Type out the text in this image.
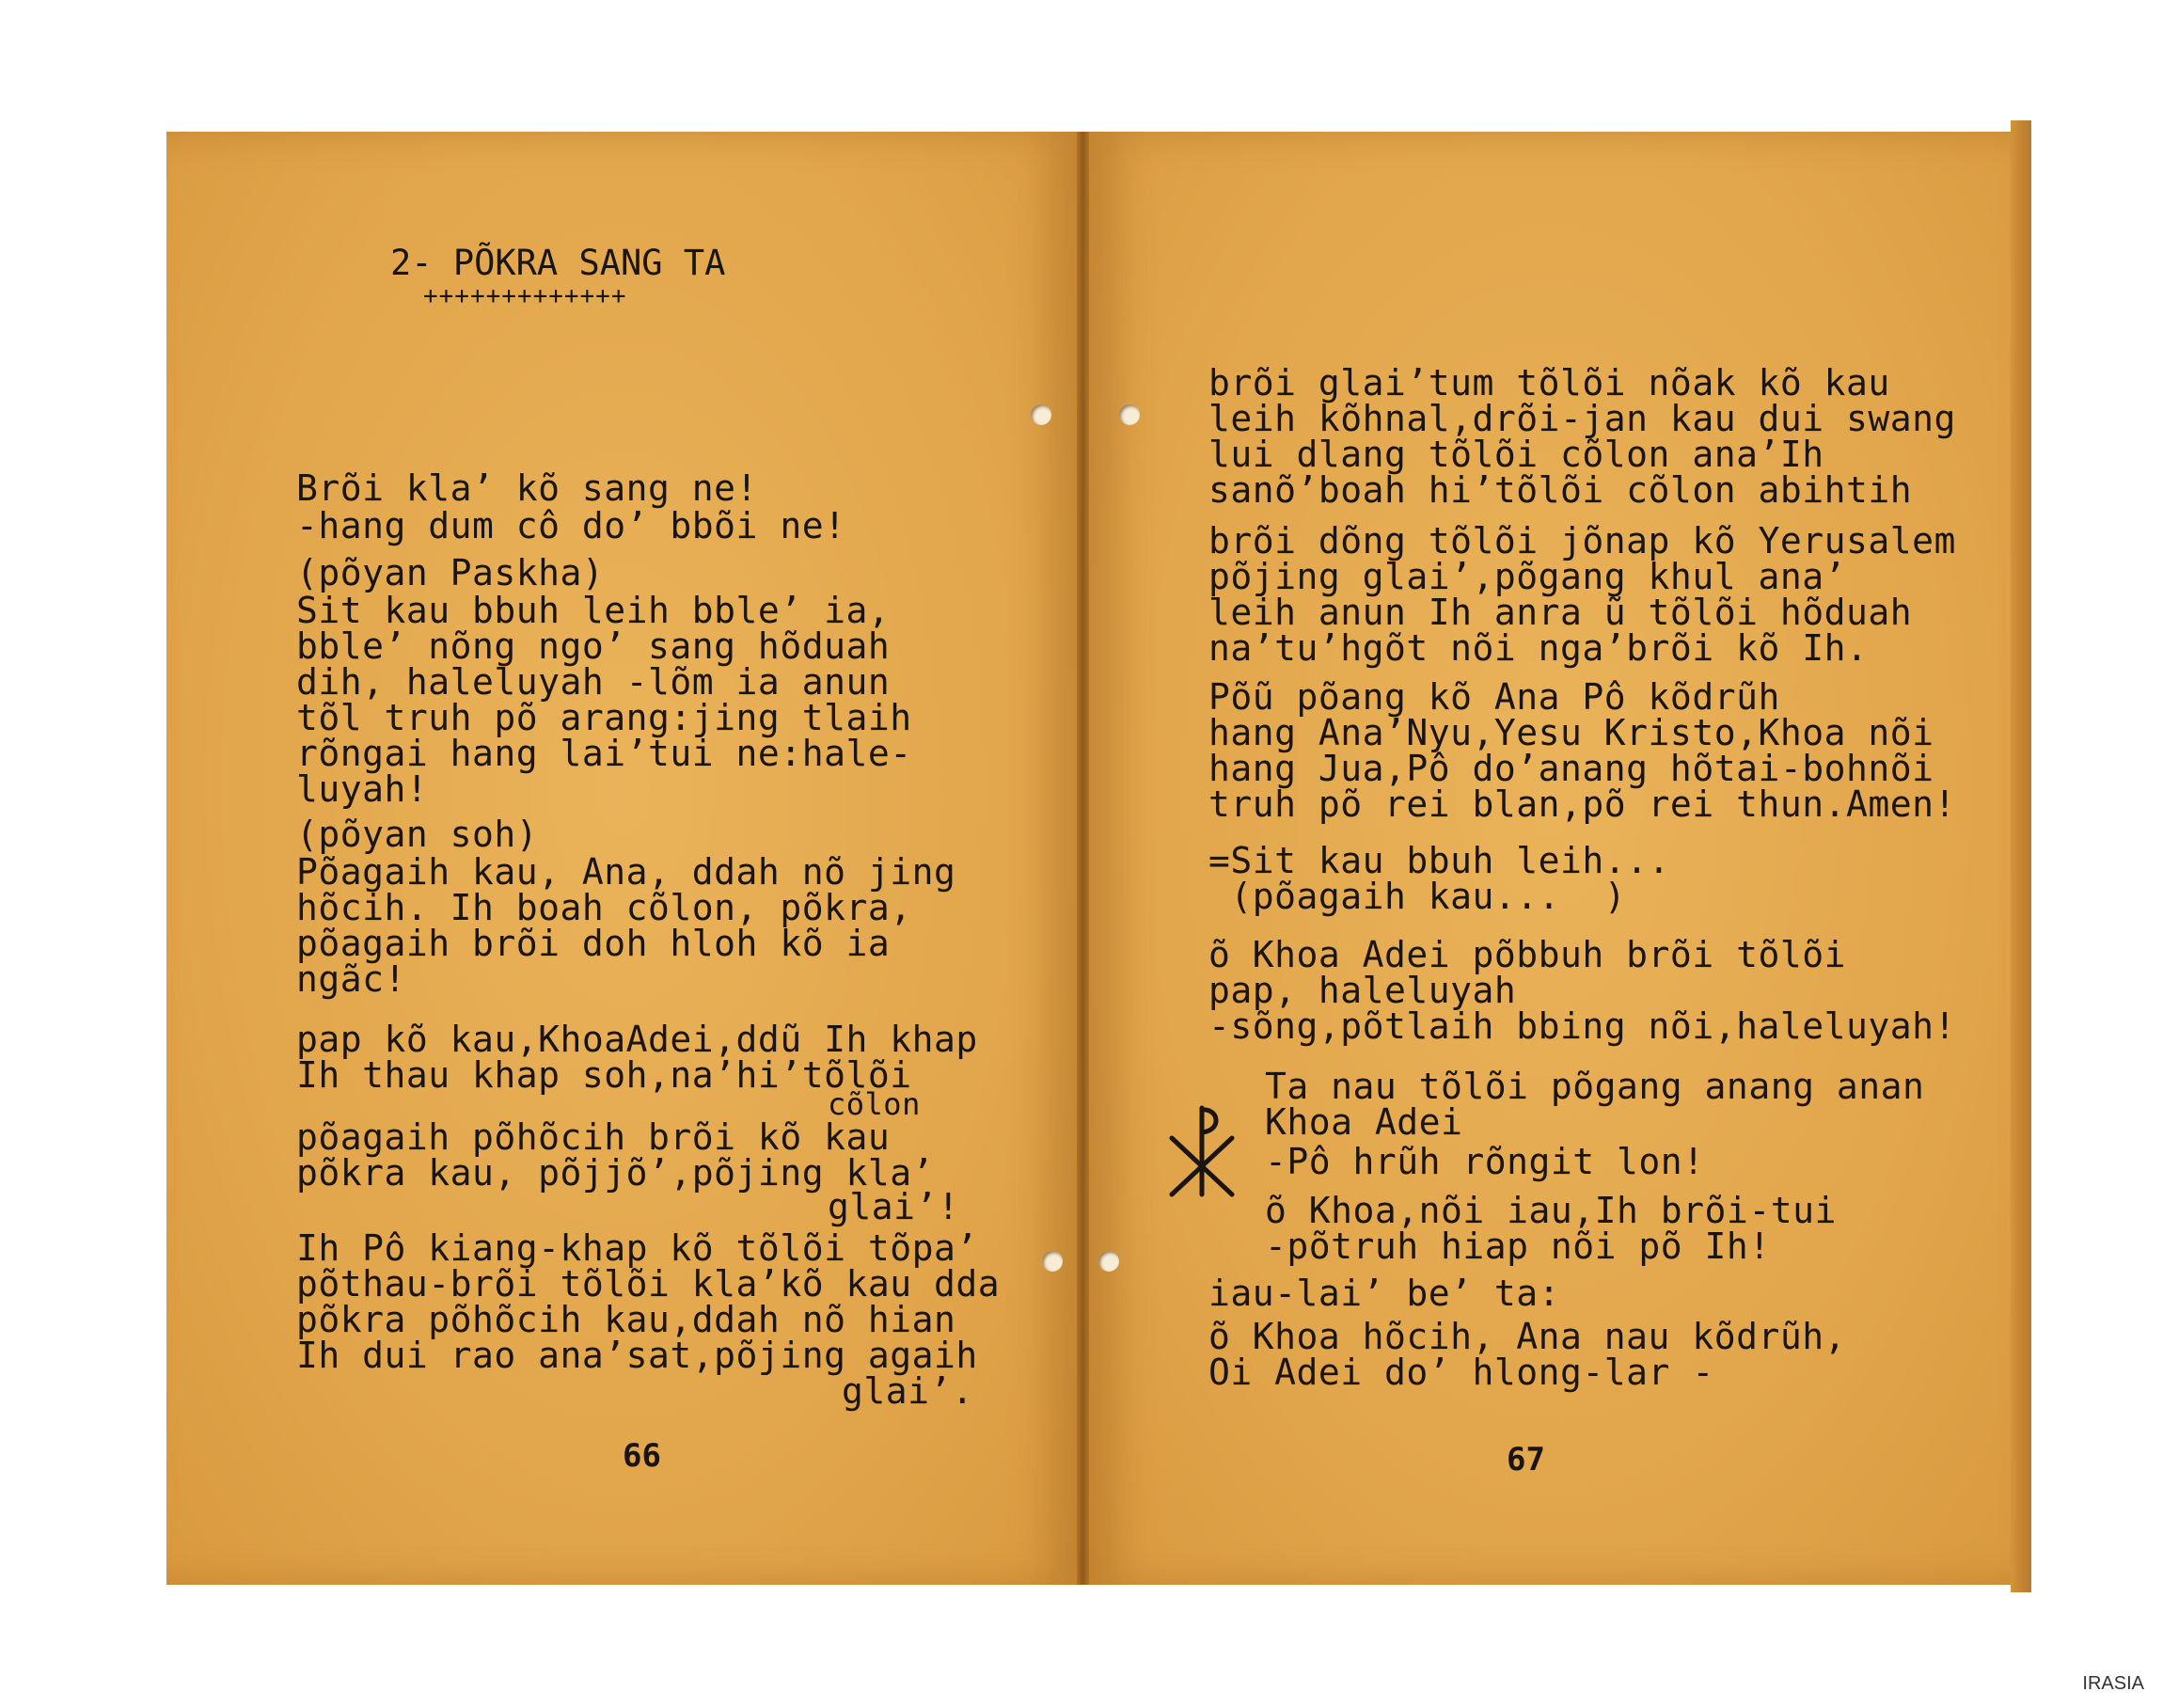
2- PÕKRA SANG TA
+++++++++++++
Brõi kla’ kõ sang ne!
-hang dum cô do’ bbõi ne!
(põyan Paskha)
Sit kau bbuh leih bble’ ia,
bble’ nõng ngo’ sang hõduah
dih, haleluyah -lõm ia anun
tõl truh põ arang:jing tlaih
rõngai hang lai’tui ne:hale-
luyah!
(põyan soh)
Põagaih kau, Ana, ddah nõ jing
hõcih. Ih boah cõlon, põkra,
põagaih brõi doh hloh kõ ia
ngãc!
pap kõ kau,KhoaAdei,ddũ Ih khap
Ih thau khap soh,na’hi’tõlõi
cõlon
põagaih põhõcih brõi kõ kau
põkra kau, põjjõ’,põjing kla’
glai’!
Ih Pô kiang-khap kõ tõlõi tõpa’
põthau-brõi tõlõi kla’kõ kau dda
põkra põhõcih kau,ddah nõ hian
Ih dui rao ana’sat,põjing agaih
glai’.
66
brõi glai’tum tõlõi nõak kõ kau
leih kõhnal,drõi-jan kau dui swang
lui dlang tõlõi cõlon ana’Ih
sanõ’boah hi’tõlõi cõlon abihtih
brõi dõng tõlõi jõnap kõ Yerusalem
põjing glai’,põgang khul ana’
leih anun Ih anra ũ tõlõi hõduah
na’tu’hgõt nõi nga’brõi kõ Ih.
Põũ põang kõ Ana Pô kõdrũh
hang Ana’Nyu,Yesu Kristo,Khoa nõi
hang Jua,Pô do’anang hõtai-bohnõi
truh põ rei blan,põ rei thun.Amen!
=Sit kau bbuh leih...
(põagaih kau...  )
õ Khoa Adei põbbuh brõi tõlõi
pap, haleluyah
-sõng,põtlaih bbing nõi,haleluyah!
Ta nau tõlõi põgang anang anan
Khoa Adei
-Pô hrũh rõngit lon!
õ Khoa,nõi iau,Ih brõi-tui
-põtruh hiap nõi põ Ih!
iau-lai’ be’ ta:
õ Khoa hõcih, Ana nau kõdrũh,
Oi Adei do’ hlong-lar -
67
IRASIA
